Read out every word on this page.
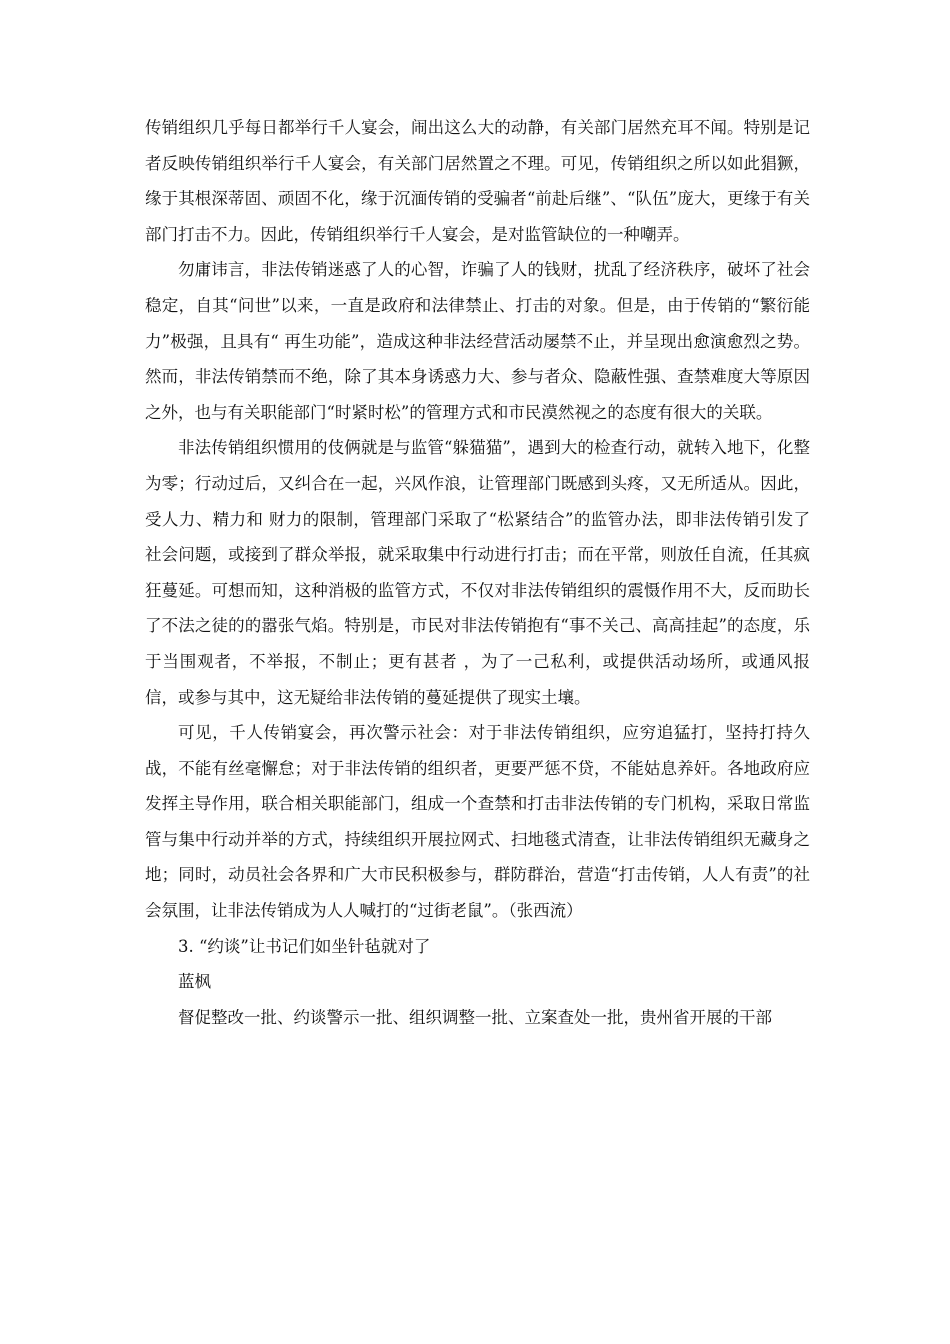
传销组织几乎每日都举行千人宴会，闹出这么大的动静，有关部门居然充耳不闻。特别是记者反映传销组织举行千人宴会，有关部门居然置之不理。可见，传销组织之所以如此猖獗，缘于其根深蒂固、顽固不化，缘于沉湎传销的受骗者“前赴后继”、“队伍”庞大，更缘于有关部门打击不力。因此，传销组织举行千人宴会，是对监管缺位的一种嘲弄。

勿庸讳言，非法传销迷惑了人的心智，诈骗了人的钱财，扰乱了经济秩序，破坏了社会稳定，自其“问世”以来，一直是政府和法律禁止、打击的对象。但是，由于传销的“繁衍能力”极强，且具有“ 再生功能”，造成这种非法经营活动屡禁不止，并呈现出愈演愈烈之势。然而，非法传销禁而不绝，除了其本身诱惑力大、参与者众、隐蔽性强、查禁难度大等原因之外，也与有关职能部门“时紧时松”的管理方式和市民漠然视之的态度有很大的关联。

非法传销组织惯用的伎俩就是与监管“躲猫猫”，遇到大的检查行动，就转入地下，化整为零；行动过后，又纠合在一起，兴风作浪，让管理部门既感到头疼，又无所适从。因此，受人力、精力和 财力的限制，管理部门采取了“松紧结合”的监管办法，即非法传销引发了社会问题，或接到了群众举报，就采取集中行动进行打击；而在平常，则放任自流，任其疯狂蔓延。可想而知，这种消极的监管方式，不仅对非法传销组织的震慑作用不大，反而助长了不法之徒的的嚣张气焰。特别是，市民对非法传销抱有“事不关己、高高挂起”的态度，乐于当围观者，不举报，不制止；更有甚者 ，为了一己私利，或提供活动场所，或通风报信，或参与其中，这无疑给非法传销的蔓延提供了现实土壤。

可见，千人传销宴会，再次警示社会：对于非法传销组织，应穷追猛打，坚持打持久战，不能有丝毫懈怠；对于非法传销的组织者，更要严惩不贷，不能姑息养奸。各地政府应发挥主导作用，联合相关职能部门，组成一个查禁和打击非法传销的专门机构，采取日常监管与集中行动并举的方式，持续组织开展拉网式、扫地毯式清查，让非法传销组织无藏身之地；同时，动员社会各界和广大市民积极参与，群防群治，营造“打击传销，人人有责”的社会氛围，让非法传销成为人人喊打的“过街老鼠”。（张西流）

3. “约谈”让书记们如坐针毡就对了

蓝枫

督促整改一批、约谈警示一批、组织调整一批、立案查处一批，贵州省开展的干部
